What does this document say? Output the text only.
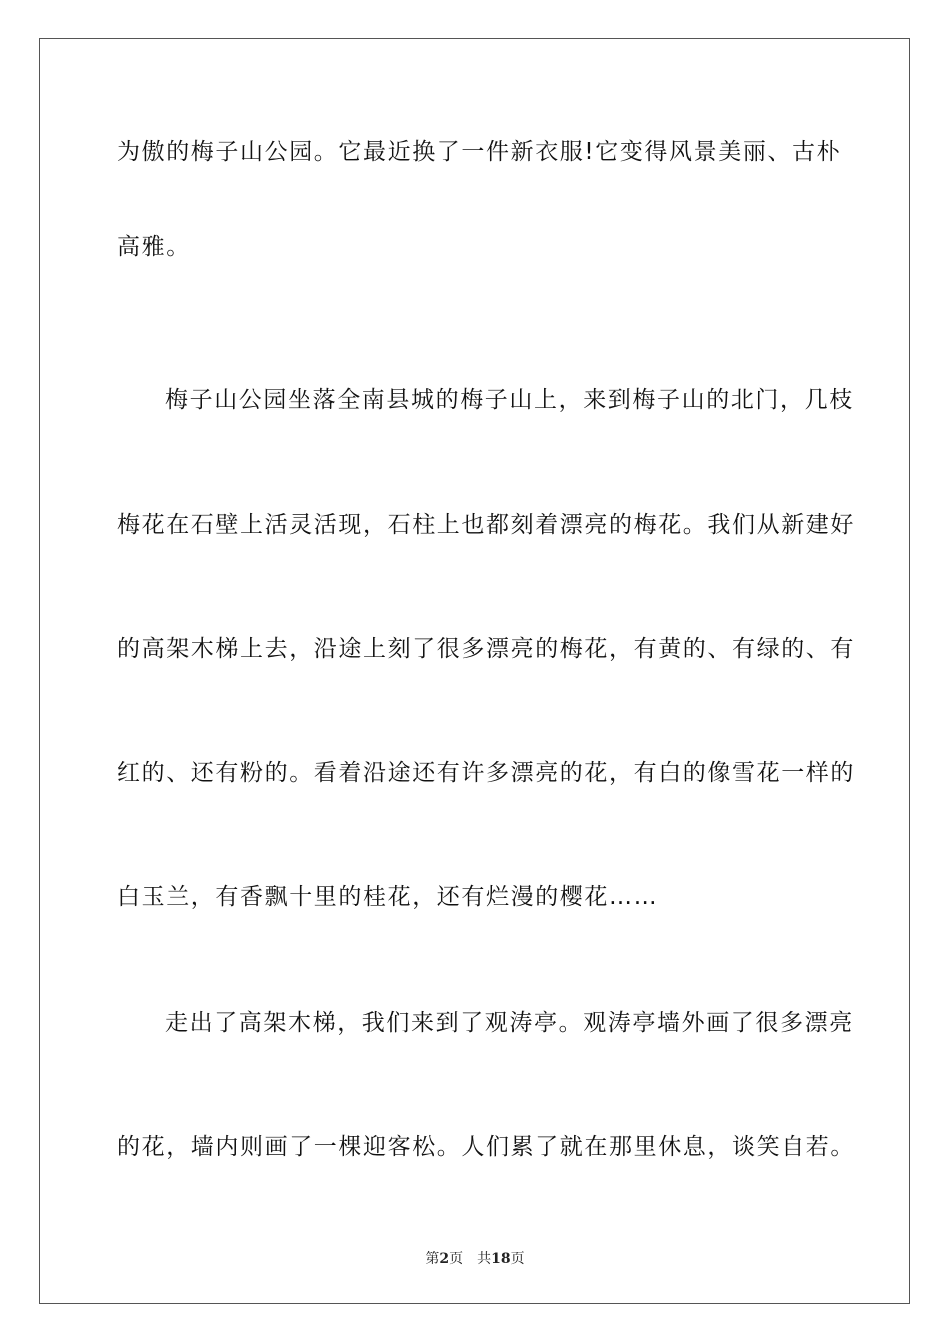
为傲的梅子山公园。它最近换了一件新衣服!它变得风景美丽、古朴
高雅。
梅子山公园坐落全南县城的梅子山上，来到梅子山的北门，几枝
梅花在石壁上活灵活现，石柱上也都刻着漂亮的梅花。我们从新建好
的高架木梯上去，沿途上刻了很多漂亮的梅花，有黄的、有绿的、有
红的、还有粉的。看着沿途还有许多漂亮的花，有白的像雪花一样的
白玉兰，有香飘十里的桂花，还有烂漫的樱花……
走出了高架木梯，我们来到了观涛亭。观涛亭墙外画了很多漂亮
的花，墙内则画了一棵迎客松。人们累了就在那里休息，谈笑自若。
第2页 共18页
